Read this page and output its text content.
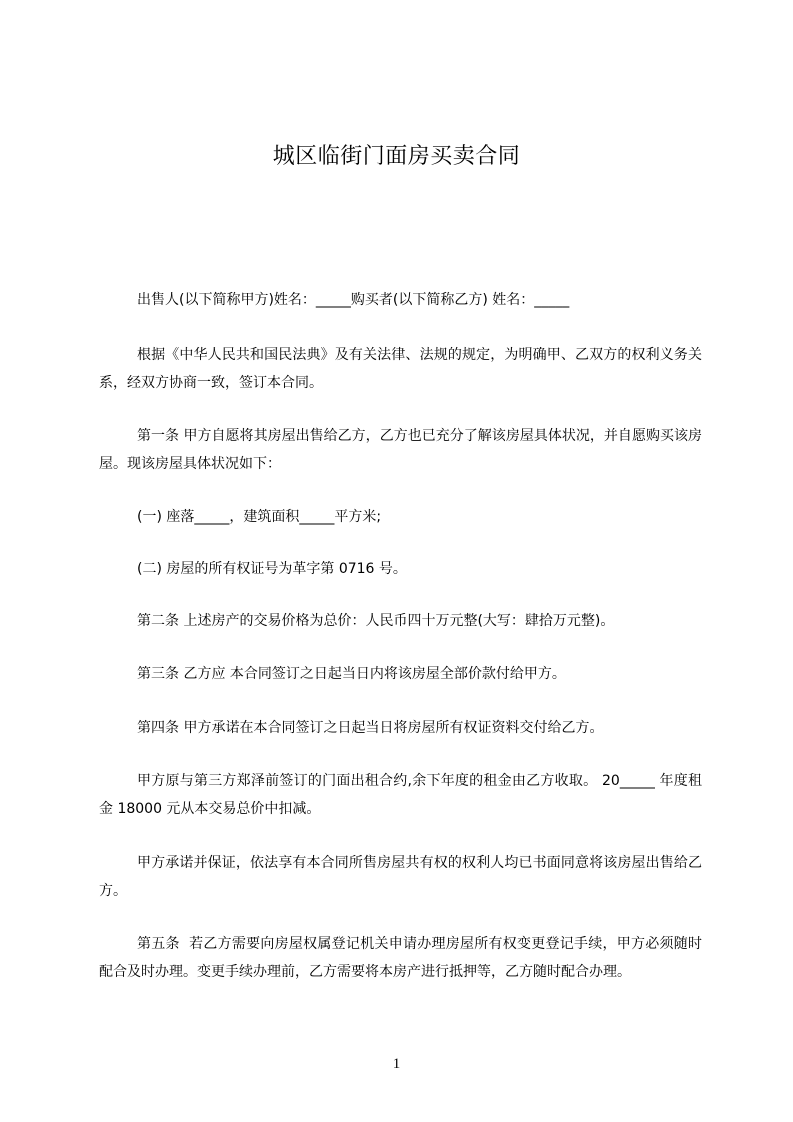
城区临街门面房买卖合同
出售人(以下简称甲方)姓名：_____购买者(以下简称乙方) 姓名：_____
根据《中华人民共和国民法典》及有关法律、法规的规定，为明确甲、乙双方的权利义务关系，经双方协商一致，签订本合同。
第一条 甲方自愿将其房屋出售给乙方，乙方也已充分了解该房屋具体状况，并自愿购买该房屋。现该房屋具体状况如下：
(一) 座落_____，建筑面积_____平方米;
(二) 房屋的所有权证号为革字第 0716 号。
第二条 上述房产的交易价格为总价：人民币四十万元整(大写：肆拾万元整)。
第三条 乙方应 本合同签订之日起当日内将该房屋全部价款付给甲方。
第四条 甲方承诺在本合同签订之日起当日将房屋所有权证资料交付给乙方。
甲方原与第三方郑泽前签订的门面出租合约,余下年度的租金由乙方收取。 20_____ 年度租金 18000 元从本交易总价中扣减。
甲方承诺并保证，依法享有本合同所售房屋共有权的权利人均已书面同意将该房屋出售给乙方。
第五条  若乙方需要向房屋权属登记机关申请办理房屋所有权变更登记手续，甲方必须随时配合及时办理。变更手续办理前，乙方需要将本房产进行抵押等，乙方随时配合办理。
1
